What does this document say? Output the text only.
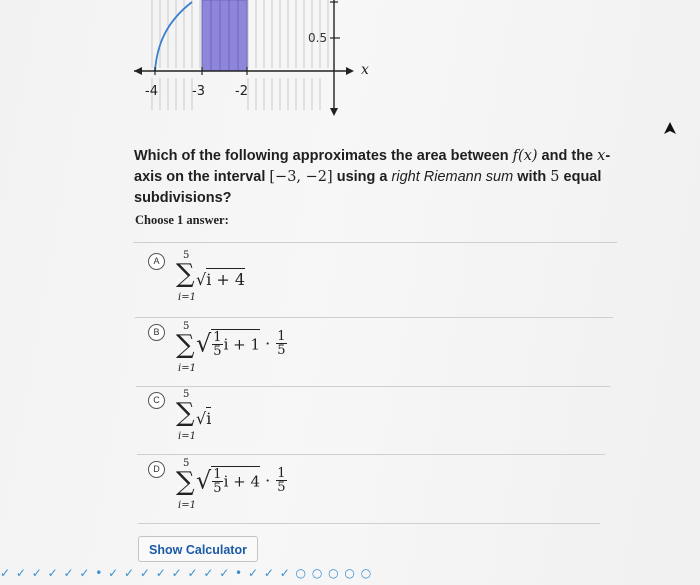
-4	-3 -2
0.5
x
Which of the following approximates the area between f(x) and the x-axis on the interval [−3, −2] using a right Riemann sum with 5 equal subdivisions?
Choose 1 answer:
A	5
∑
i=1
√i + 4
B	5
∑
i=1
√ $\frac{1}{5}$ $i + 1 \cdot \frac{1}{5}$
C	5
∑
i=1
√i
D	5
∑
i=1
√ $\frac{1}{5}$ $i + 4 \cdot \frac{1}{5}$
Show Calculator
✓ ✓ ✓ ✓ ✓ ✓ • ✓ ✓ ✓ ✓ ✓ ✓ ✓ ✓ • ✓ ✓ ✓ ○ ○ ○ ○ ○
